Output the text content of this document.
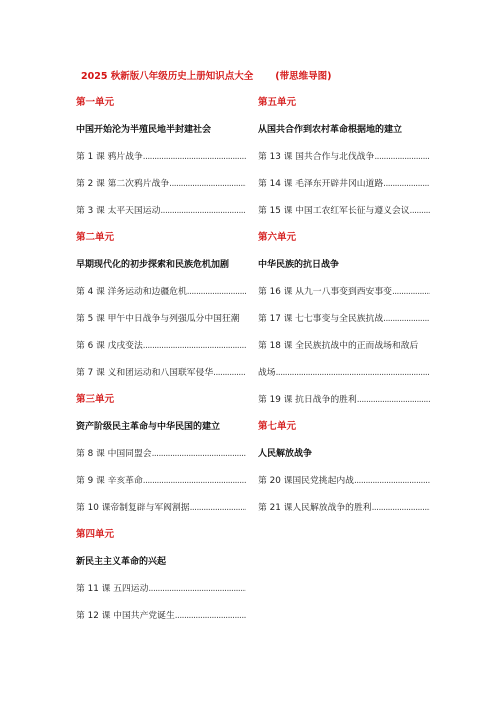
2025 秋新版八年级历史上册知识点大全 (带思维导图)
第一单元
中国开始沦为半殖民地半封建社会
第 1 课 鸦片战争 .....
第 2 课 第二次鸦片战争 .....
第 3 课 太平天国运动 .....
第二单元
早期现代化的初步探索和民族危机加剧
第 4 课 洋务运动和边疆危机 .....
第 5 课 甲午中日战争与列强瓜分中国狂潮
第 6 课 戊戌变法 .....
第 7 课 义和团运动和八国联军侵华 .....
第三单元
资产阶级民主革命与中华民国的建立
第 8 课 中国同盟会 .....
第 9 课 辛亥革命 .....
第 10 课帝制复辟与军阀割据 .....
第四单元
新民主主义革命的兴起
第 11 课 五四运动 .....
第 12 课 中国共产党诞生 .....
第五单元
从国共合作到农村革命根据地的建立
第 13 课 国共合作与北伐战争 .....
第 14 课 毛泽东开辟井冈山道路 .....
第 15 课 中国工农红军长征与遵义会议 .....
第六单元
中华民族的抗日战争
第 16 课 从九一八事变到西安事变 .....
第 17 课 七七事变与全民族抗战 .....
第 18 课 全民族抗战中的正而战场和敌后
战场 .....
第 19 课 抗日战争的胜利 .....
第七单元
人民解放战争
第 20 课国民党挑起内战 .....
第 21 课人民解放战争的胜利 .....
